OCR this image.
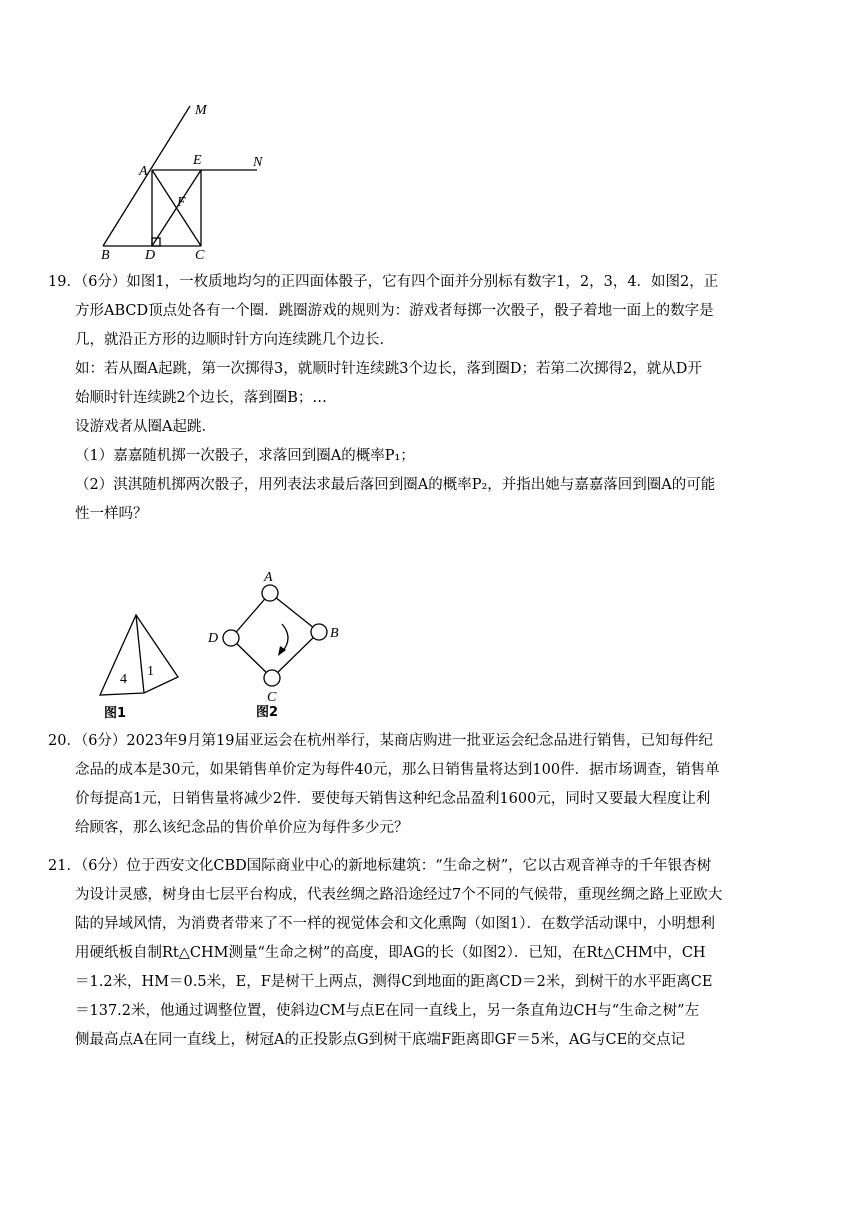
M
A
E	N
F
B	D	C
19．（6分）如图1，一枚质地均匀的正四面体骰子，它有四个面并分别标有数字1，2，3，4．如图2，正
方形ABCD顶点处各有一个圈．跳圈游戏的规则为：游戏者每掷一次骰子，骰子着地一面上的数字是
几，就沿正方形的边顺时针方向连续跳几个边长．
如：若从圈A起跳，第一次掷得3，就顺时针连续跳3个边长，落到圈D；若第二次掷得2，就从D开
始顺时针连续跳2个边长，落到圈B；…
设游戏者从圈A起跳．
（1）嘉嘉随机掷一次骰子，求落回到圈A的概率P₁；
（2）淇淇随机掷两次骰子，用列表法求最后落回到圈A的概率P₂，并指出她与嘉嘉落回到圈A的可能
性一样吗？
4
1
图1
A
B
C
D
图2
20．（6分）2023年9月第19届亚运会在杭州举行，某商店购进一批亚运会纪念品进行销售，已知每件纪
念品的成本是30元，如果销售单价定为每件40元，那么日销售量将达到100件．据市场调查，销售单
价每提高1元，日销售量将减少2件．要使每天销售这种纪念品盈利1600元，同时又要最大程度让利
给顾客，那么该纪念品的售价单价应为每件多少元？
21．（6分）位于西安文化CBD国际商业中心的新地标建筑：“生命之树”，它以古观音禅寺的千年银杏树
为设计灵感，树身由七层平台构成，代表丝绸之路沿途经过7个不同的气候带，重现丝绸之路上亚欧大
陆的异域风情，为消费者带来了不一样的视觉体会和文化熏陶（如图1）．在数学活动课中，小明想利
用硬纸板自制Rt△CHM测量“生命之树”的高度，即AG的长（如图2）．已知，在Rt△CHM中，CH
＝1.2米，HM＝0.5米，E，F是树干上两点，测得C到地面的距离CD＝2米，到树干的水平距离CE
＝137.2米，他通过调整位置，使斜边CM与点E在同一直线上，另一条直角边CH与“生命之树”左
侧最高点A在同一直线上，树冠A的正投影点G到树干底端F距离即GF＝5米，AG与CE的交点记
